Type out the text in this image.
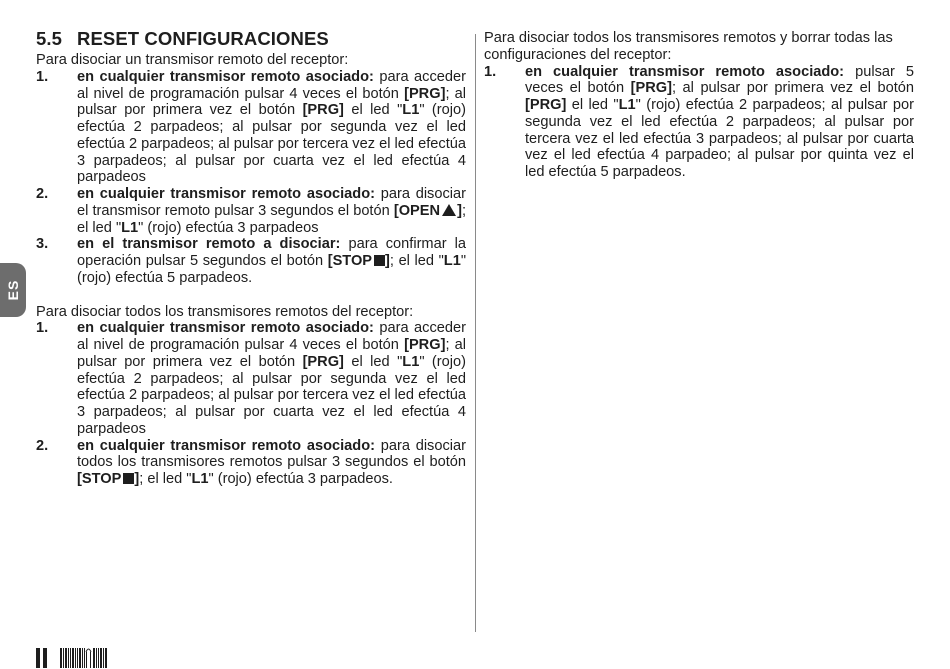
ES
5.5 RESET CONFIGURACIONES

Para disociar un transmisor remoto del receptor:

1. en cualquier transmisor remoto asociado: para acceder al nivel de programación pulsar 4 veces el botón [PRG]; al pulsar por primera vez el botón [PRG] el led "L1" (rojo) efectúa 2 parpadeos; al pulsar por segunda vez el led efectúa 2 parpadeos; al pulsar por tercera vez el led efectúa 3 parpadeos; al pulsar por cuarta vez el led efectúa 4 parpadeos
2. en cualquier transmisor remoto asociado: para disociar el transmisor remoto pulsar 3 segundos el botón [OPEN ]; el led "L1" (rojo) efectúa 3 parpadeos
3. en el transmisor remoto a disociar: para confirmar la operación pulsar 5 segundos el botón [STOP ]; el led "L1" (rojo) efectúa 5 parpadeos.

Para disociar todos los transmisores remotos del receptor:

1. en cualquier transmisor remoto asociado: para acceder al nivel de programación pulsar 4 veces el botón [PRG]; al pulsar por primera vez el botón [PRG] el led "L1" (rojo) efectúa 2 parpadeos; al pulsar por segunda vez el led efectúa 2 parpadeos; al pulsar por tercera vez el led efectúa 3 parpadeos; al pulsar por cuarta vez el led efectúa 4 parpadeos
2. en cualquier transmisor remoto asociado: para disociar todos los transmisores remotos pulsar 3 segundos el botón [STOP ]; el led "L1" (rojo) efectúa 3 parpadeos.

Para disociar todos los transmisores remotos y borrar todas las configuraciones del receptor:

1. en cualquier transmisor remoto asociado: pulsar 5 veces el botón [PRG]; al pulsar por primera vez el botón [PRG] el led "L1" (rojo) efectúa 2 parpadeos; al pulsar por segunda vez el led efectúa 2 parpadeos; al pulsar por tercera vez el led efectúa 3 parpadeos; al pulsar por cuarta vez el led efectúa 4 parpadeo; al pulsar por quinta vez el led efectúa 5 parpadeos.
